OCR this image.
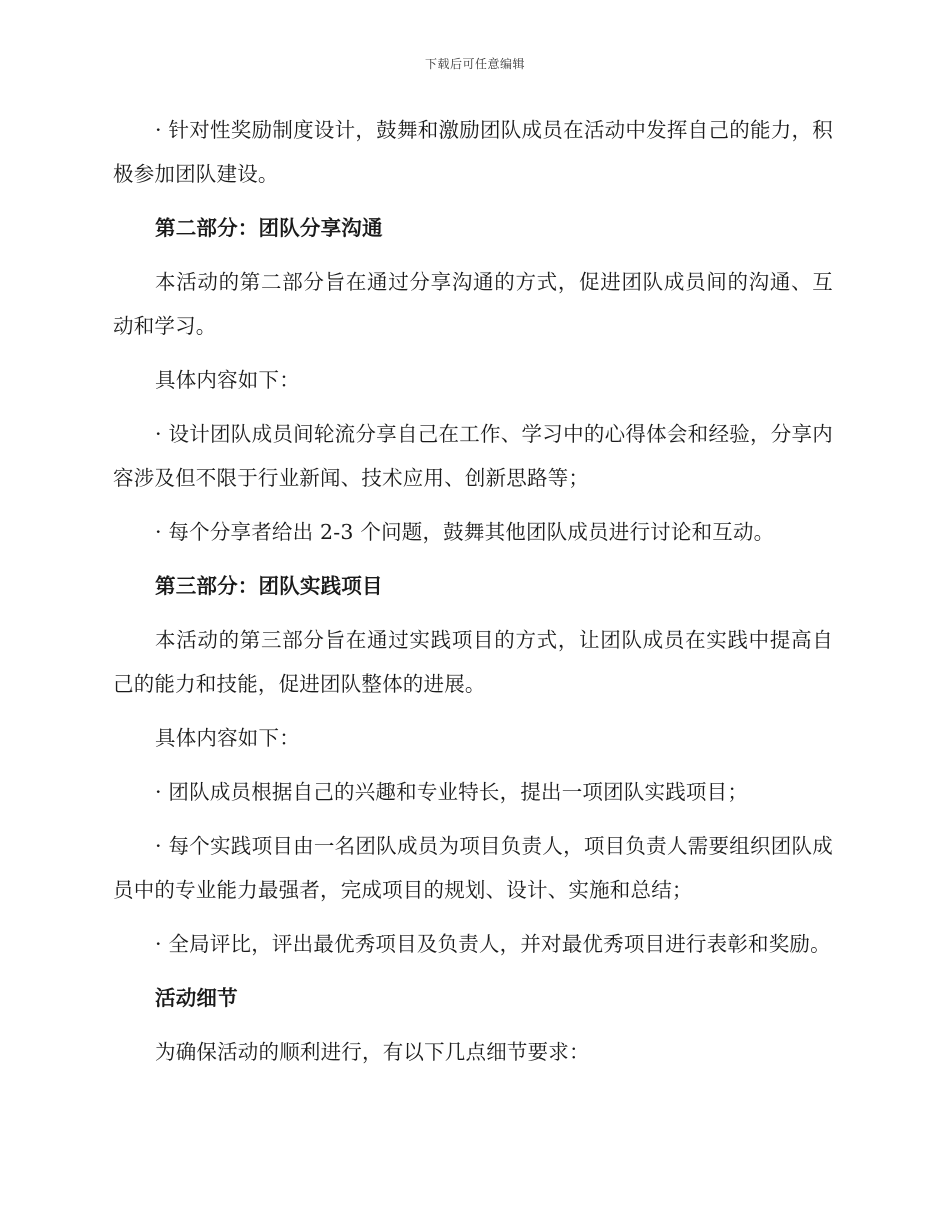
下载后可任意编辑

· 针对性奖励制度设计，鼓舞和激励团队成员在活动中发挥自己的能力，积极参加团队建设。

第二部分：团队分享沟通

本活动的第二部分旨在通过分享沟通的方式，促进团队成员间的沟通、互动和学习。

具体内容如下：

· 设计团队成员间轮流分享自己在工作、学习中的心得体会和经验，分享内容涉及但不限于行业新闻、技术应用、创新思路等；

· 每个分享者给出 2-3 个问题，鼓舞其他团队成员进行讨论和互动。

第三部分：团队实践项目

本活动的第三部分旨在通过实践项目的方式，让团队成员在实践中提高自己的能力和技能，促进团队整体的进展。

具体内容如下：

· 团队成员根据自己的兴趣和专业特长，提出一项团队实践项目；

· 每个实践项目由一名团队成员为项目负责人，项目负责人需要组织团队成员中的专业能力最强者，完成项目的规划、设计、实施和总结；

· 全局评比，评出最优秀项目及负责人，并对最优秀项目进行表彰和奖励。

活动细节

为确保活动的顺利进行，有以下几点细节要求：
